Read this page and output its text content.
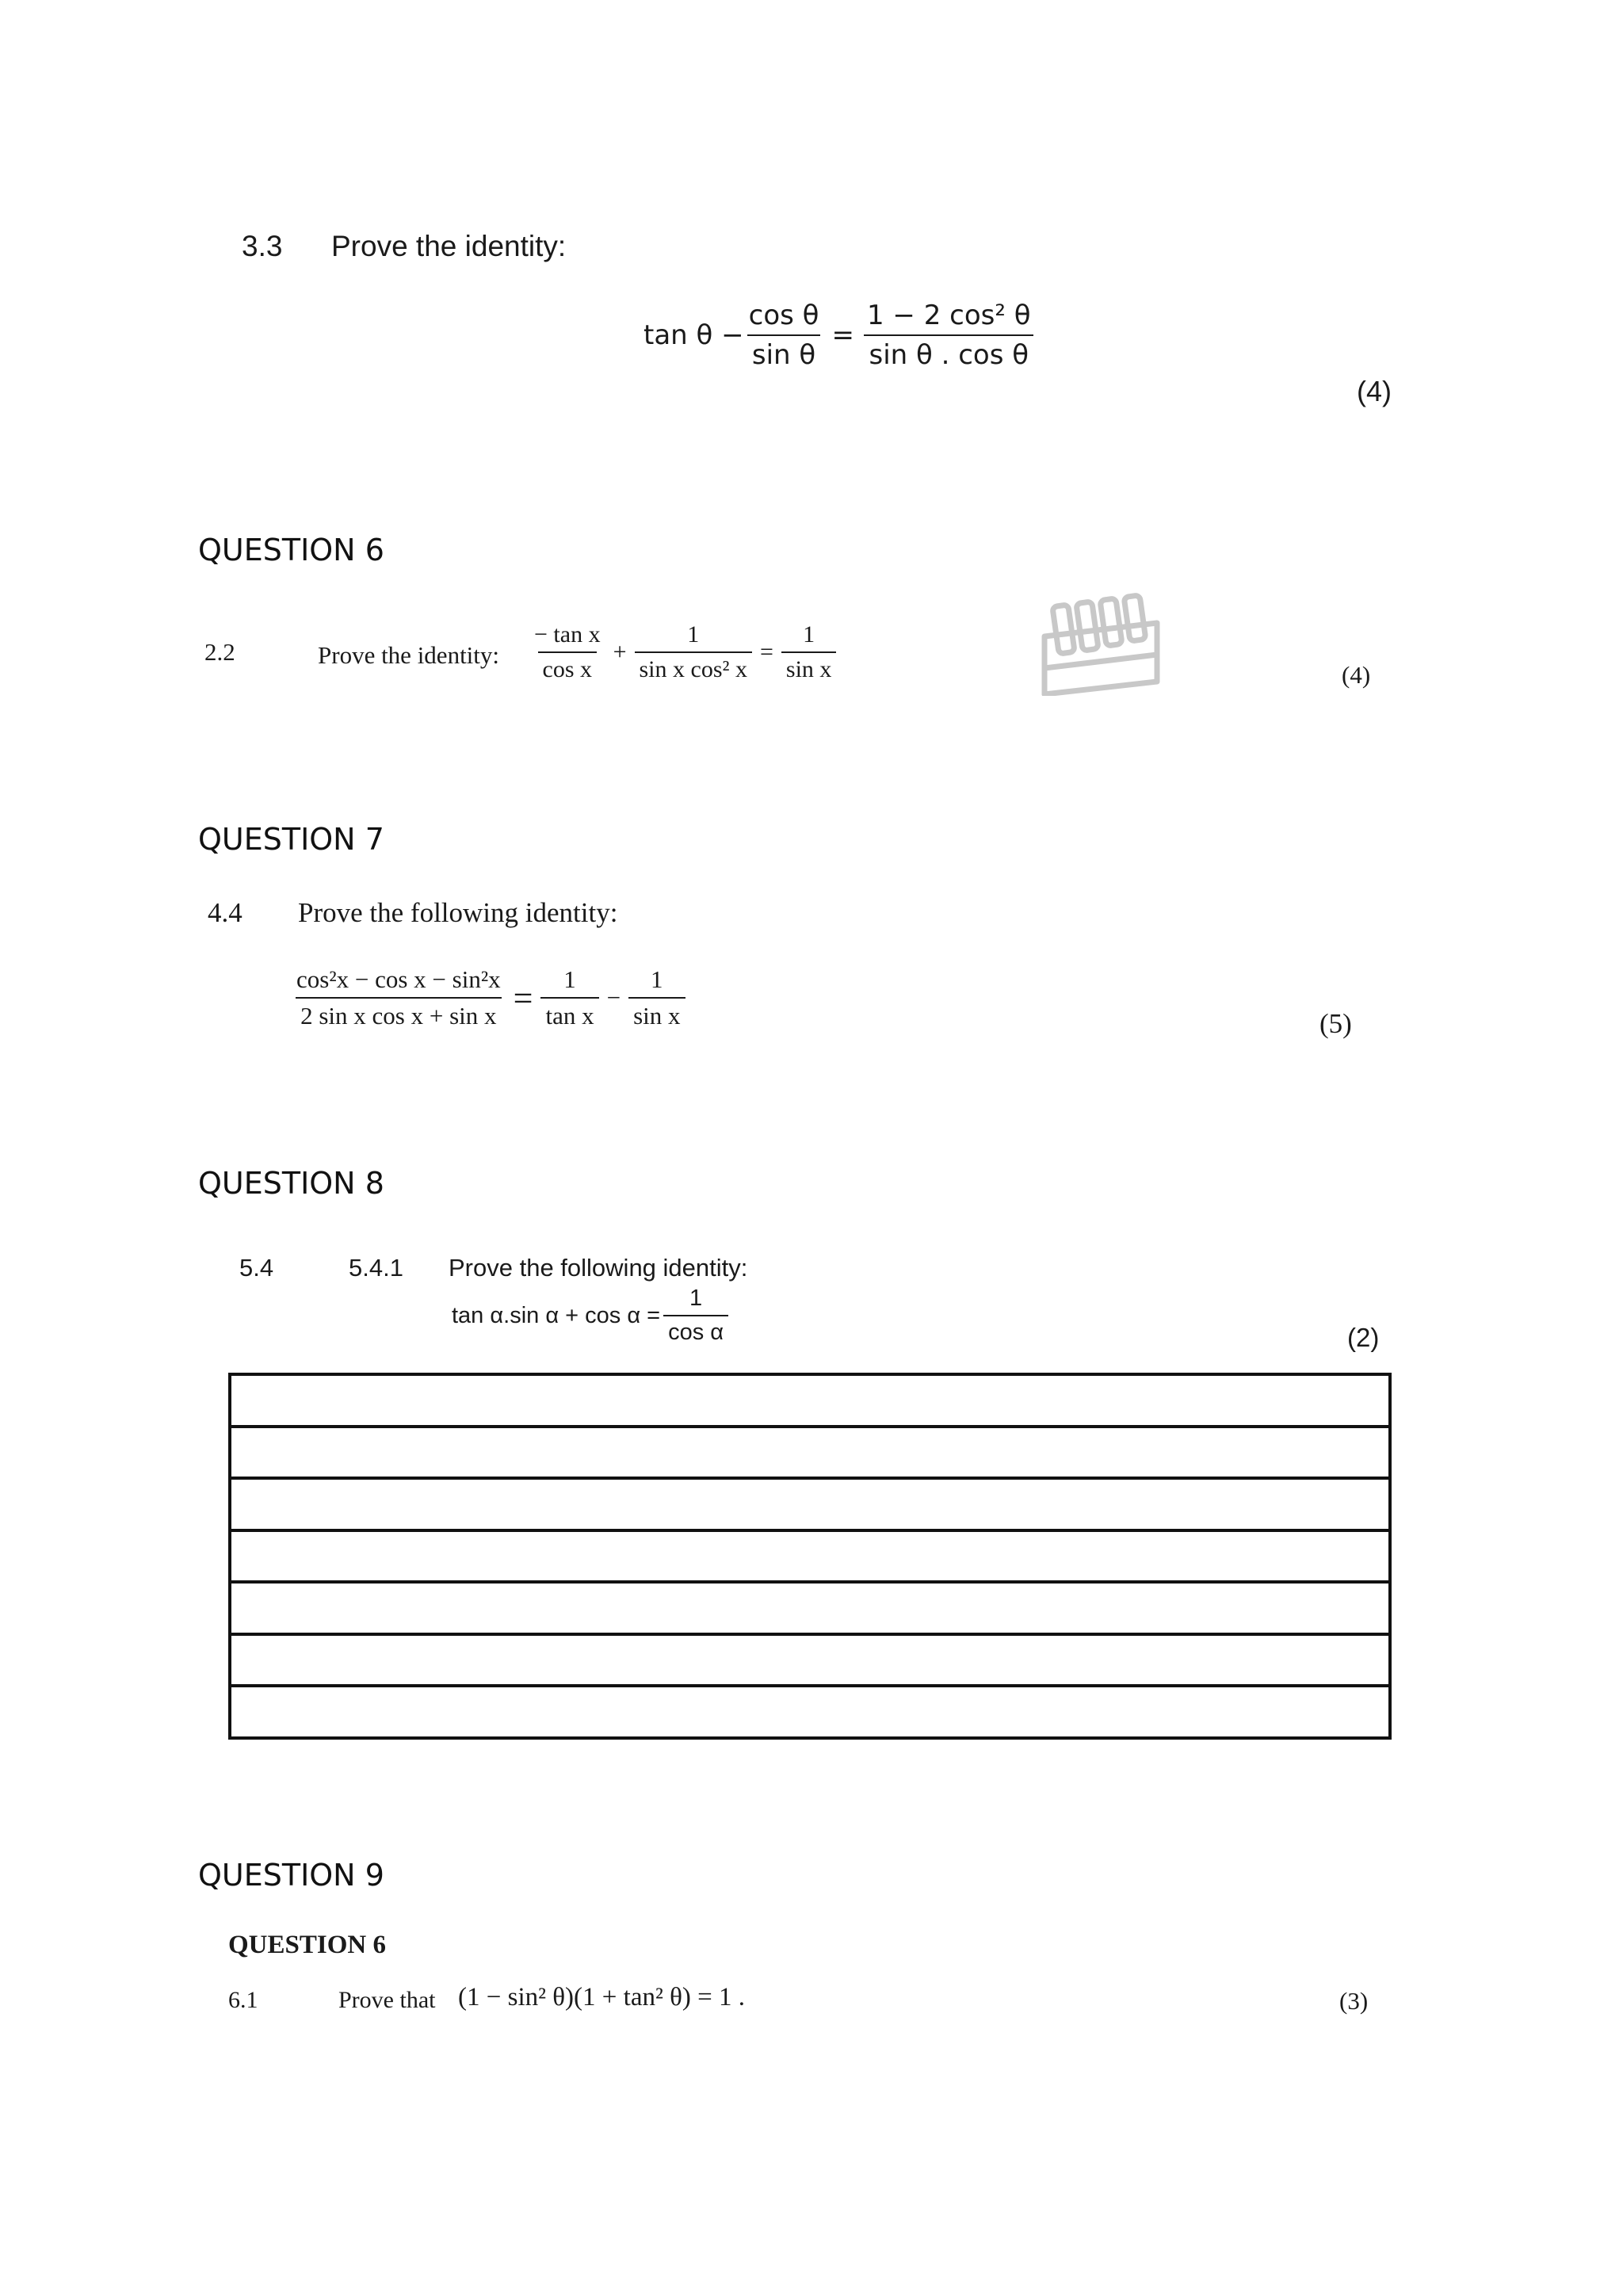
3.3 Prove the identity:
$\tan \theta - \frac{\text{cos θ}}{\text{sin θ}} = \frac{\text{1 − 2 cos² θ}}{\text{sin θ . cos θ}}$
(4)
QUESTION 6
2.2	Prove the identity: $\frac{\text{− tan x}}{\text{cos x}} + \frac{1}{\text{sin x cos² x}} = \frac{1}{\text{sin x}}$	(4)
QUESTION 7
4.4 Prove the following identity:
$\frac{\text{cos²x − cos x − sin²x}}{\text{2 sin x cos x + sin x}} = \frac{1}{\text{tan x}} - \frac{1}{\text{sin x}}$	(5)
QUESTION 8
5.4	5.4.1 Prove the following identity:
tan α.sin $\alpha + \cos \alpha = \frac{1}{\text{cos α}}$	(2)

QUESTION 9
QUESTION 6
6.1	Prove that (1 − sin² θ)(1 + tan² θ) = 1 .	(3)
